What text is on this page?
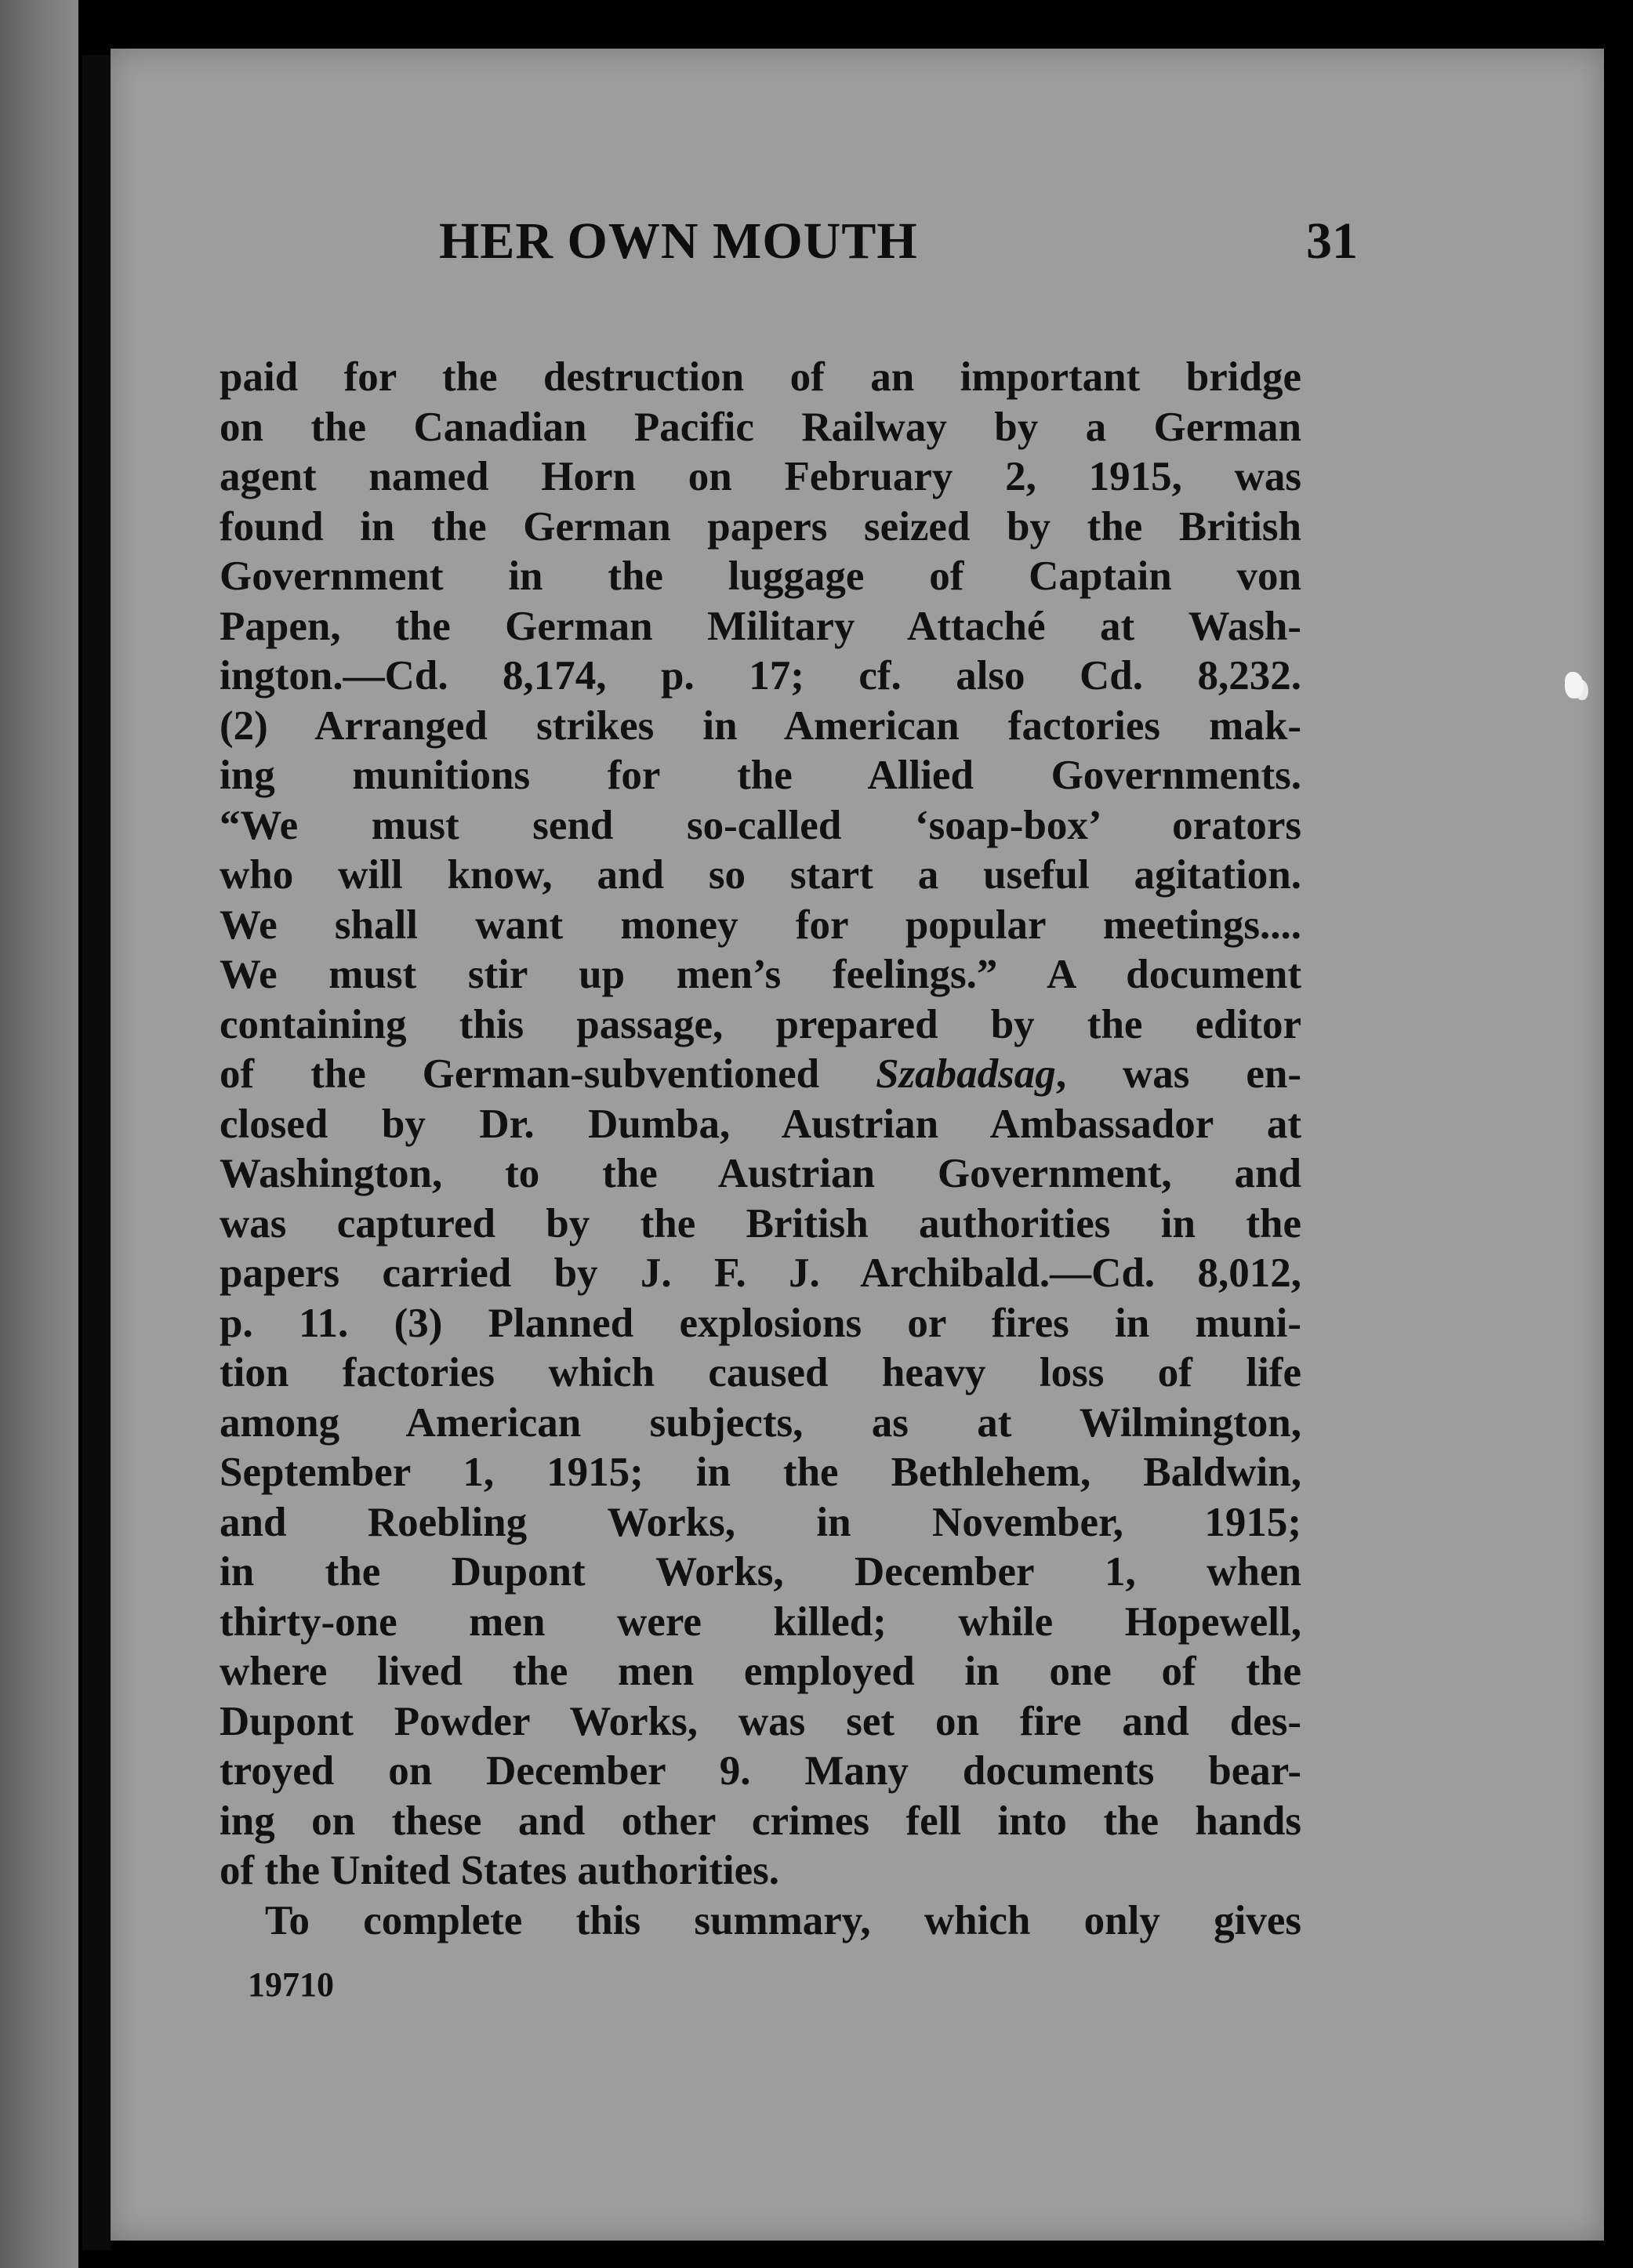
HER OWN MOUTH	31
paid for the destruction of an important bridge
on the Canadian Pacific Railway by a German
agent named Horn on February 2, 1915, was
found in the German papers seized by the British
Government in the luggage of Captain von
Papen, the German Military Attaché at Wash-
ington.—Cd. 8,174, p. 17; cf. also Cd. 8,232.
(2) Arranged strikes in American factories mak-
ing munitions for the Allied Governments.
“We must send so-called ‘soap-box’ orators
who will know, and so start a useful agitation.
We shall want money for popular meetings....
We must stir up men’s feelings.” A document
containing this passage, prepared by the editor
of the German-subventioned Szabadsag, was en-
closed by Dr. Dumba, Austrian Ambassador at
Washington, to the Austrian Government, and
was captured by the British authorities in the
papers carried by J. F. J. Archibald.—Cd. 8,012,
p. 11. (3) Planned explosions or fires in muni-
tion factories which caused heavy loss of life
among American subjects, as at Wilmington,
September 1, 1915; in the Bethlehem, Baldwin,
and Roebling Works, in November, 1915;
in the Dupont Works, December 1, when
thirty-one men were killed; while Hopewell,
where lived the men employed in one of the
Dupont Powder Works, was set on fire and des-
troyed on December 9. Many documents bear-
ing on these and other crimes fell into the hands
of the United States authorities.
To complete this summary, which only gives
19710
